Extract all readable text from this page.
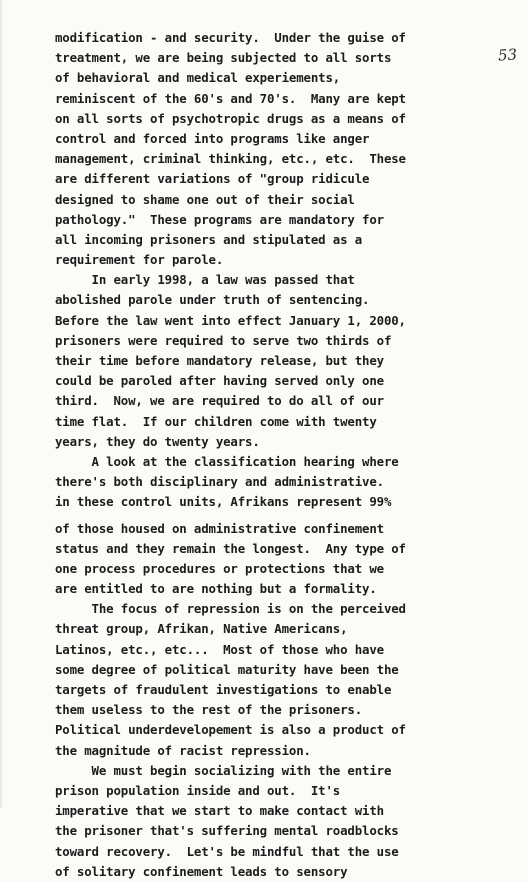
53
modification - and security.  Under the guise of
treatment, we are being subjected to all sorts
of behavioral and medical experiements,
reminiscent of the 60's and 70's.  Many are kept
on all sorts of psychotropic drugs as a means of
control and forced into programs like anger
management, criminal thinking, etc., etc.  These
are different variations of "group ridicule
designed to shame one out of their social
pathology."  These programs are mandatory for
all incoming prisoners and stipulated as a
requirement for parole.
In early 1998, a law was passed that
abolished parole under truth of sentencing.
Before the law went into effect January 1, 2000,
prisoners were required to serve two thirds of
their time before mandatory release, but they
could be paroled after having served only one
third.  Now, we are required to do all of our
time flat.  If our children come with twenty
years, they do twenty years.
A look at the classification hearing where
there's both disciplinary and administrative.
in these control units, Afrikans represent 99%
of those housed on administrative confinement
status and they remain the longest.  Any type of
one process procedures or protections that we
are entitled to are nothing but a formality.
The focus of repression is on the perceived
threat group, Afrikan, Native Americans,
Latinos, etc., etc...  Most of those who have
some degree of political maturity have been the
targets of fraudulent investigations to enable
them useless to the rest of the prisoners.
Political underdevelopement is also a product of
the magnitude of racist repression.
We must begin socializing with the entire
prison population inside and out.  It's
imperative that we start to make contact with
the prisoner that's suffering mental roadblocks
toward recovery.  Let's be mindful that the use
of solitary confinement leads to sensory
